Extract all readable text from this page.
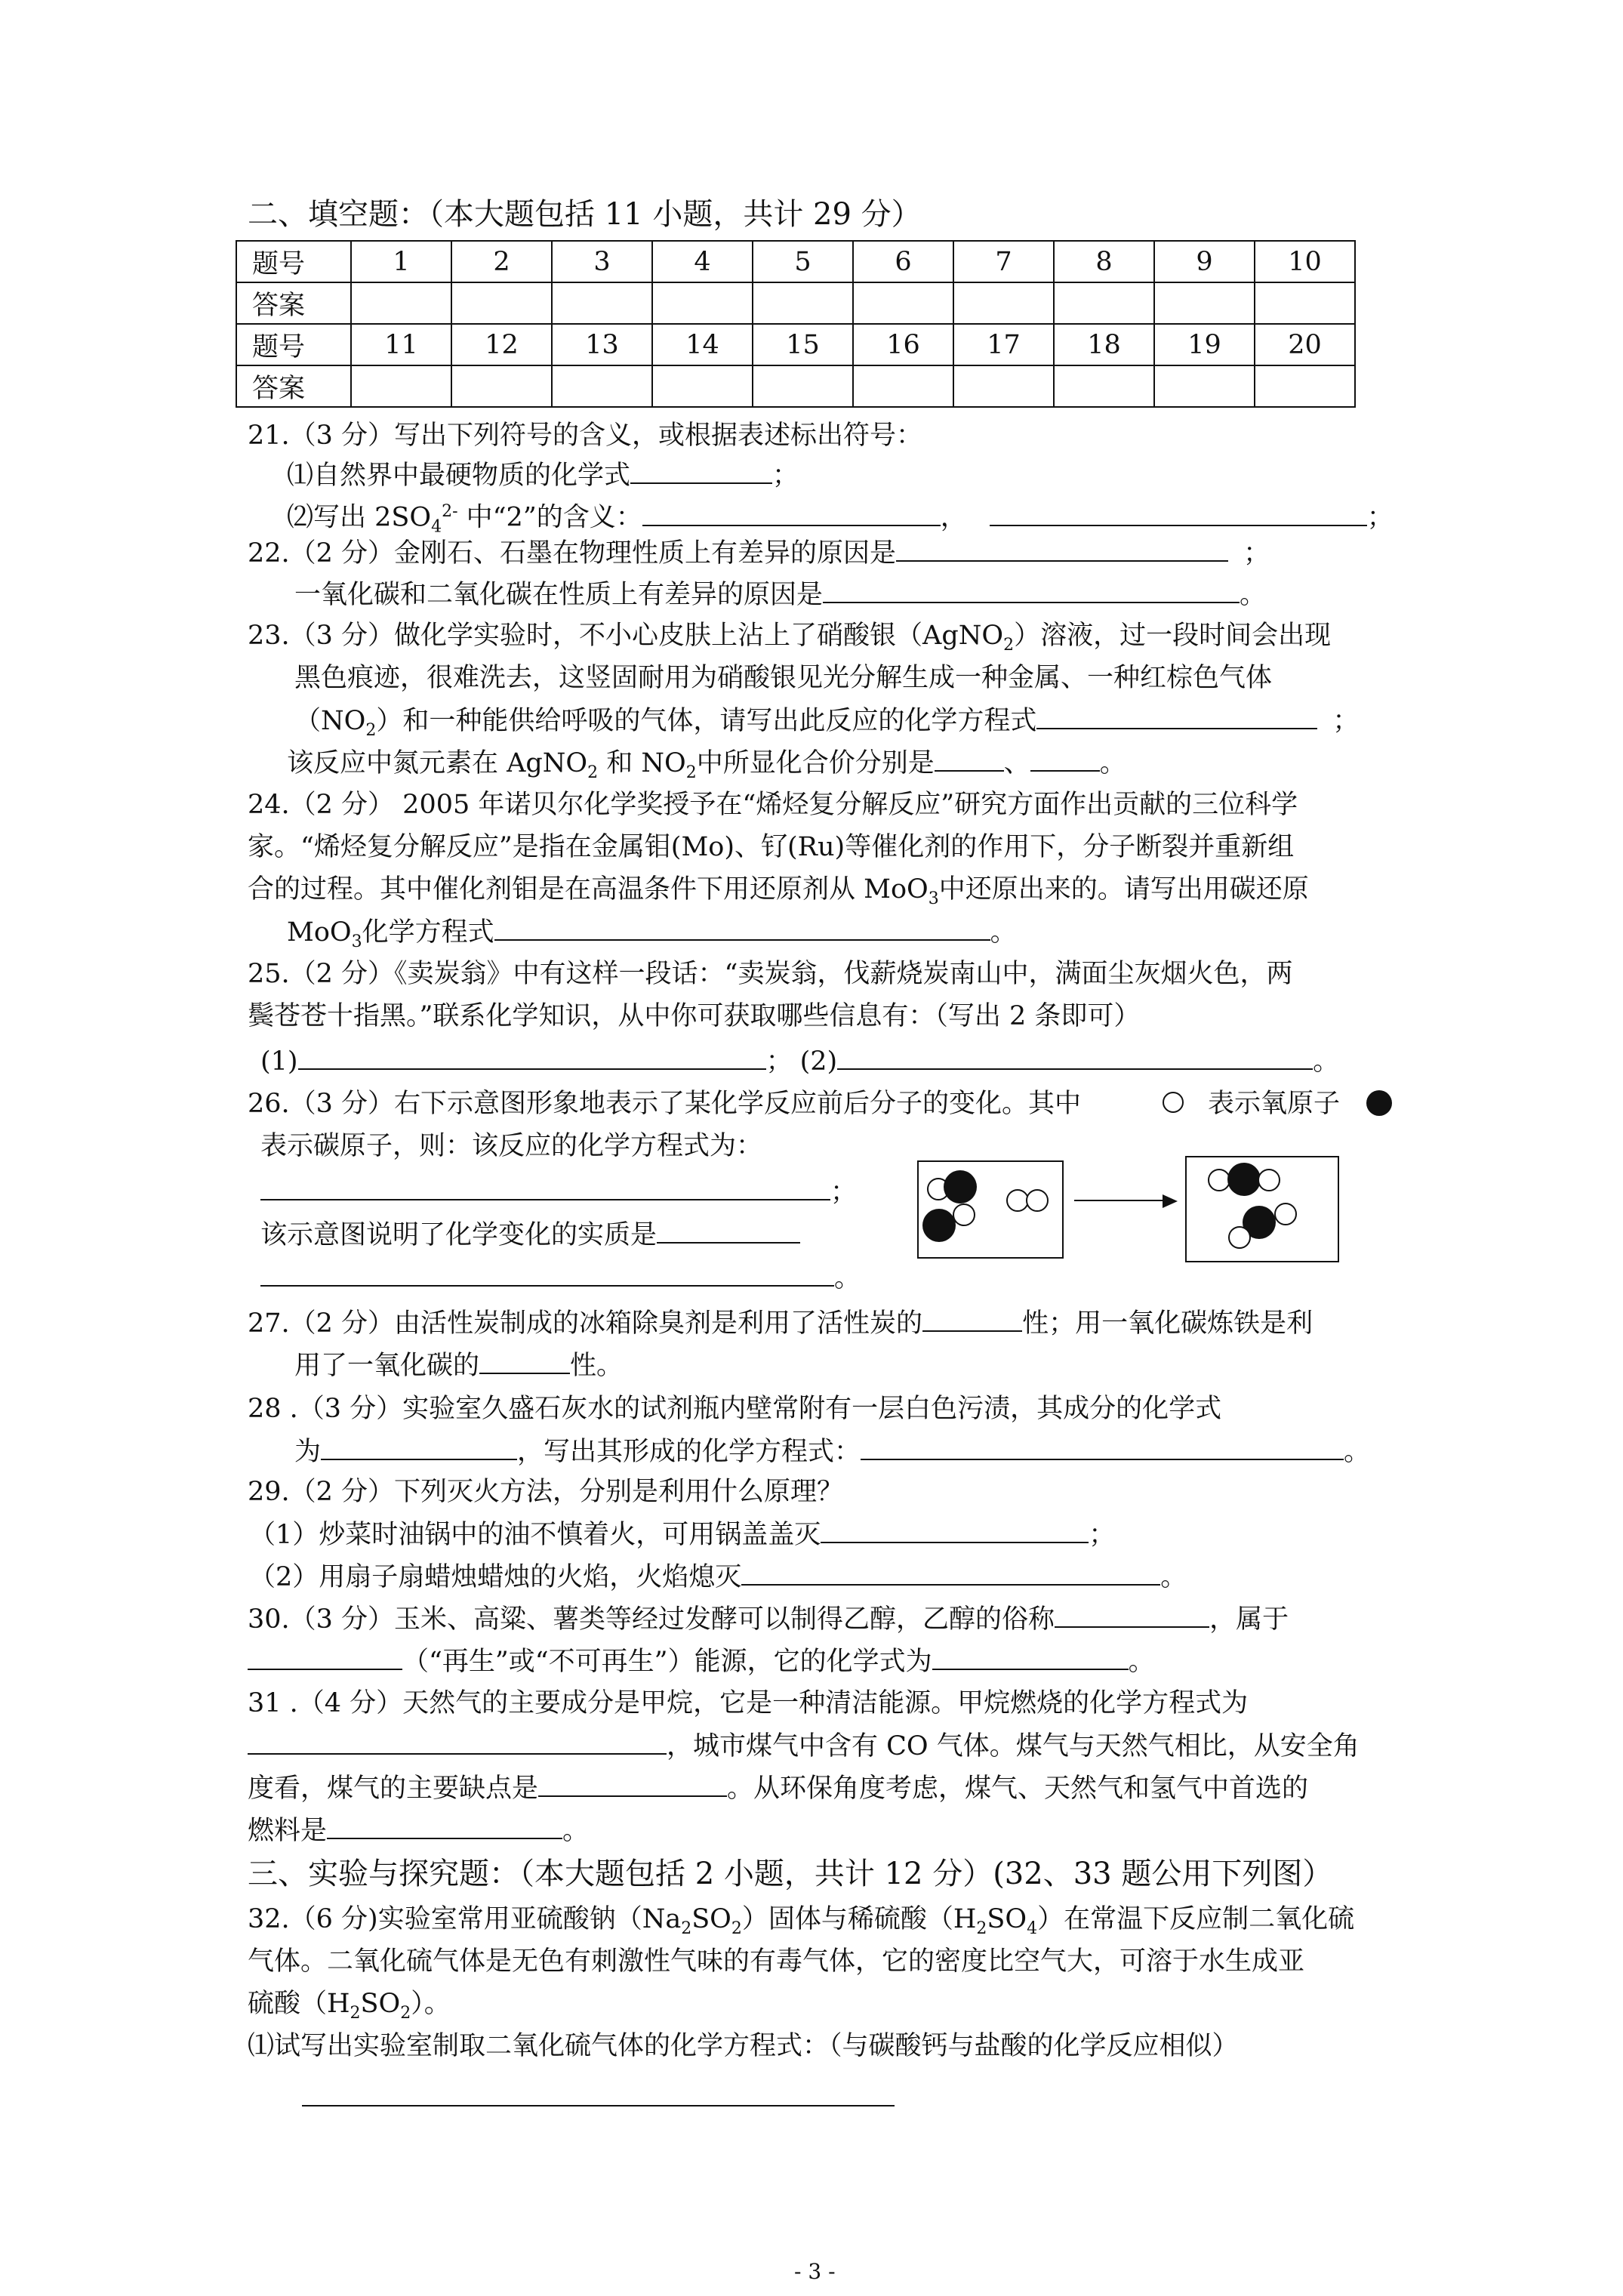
二、填空题：（本大题包括 11 小题，共计 29 分）
题号	1	2	3	4	5	6	7	8	9	10
答案										
题号	11	12	13	14	15	16	17	18	19	20
答案										
21.（3 分）写出下列符号的含义，或根据表述标出符号：
⑴自然界中最硬物质的化学式	；
⑵写出 $2SO_4^{2-}$ 中“2”的含义：	，	；
22.（2 分）金刚石、石墨在物理性质上有差异的原因是	；
一氧化碳和二氧化碳在性质上有差异的原因是	。
23.（3 分）做化学实验时，不小心皮肤上沾上了硝酸银（AgNO$_2$）溶液，过一段时间会出现
黑色痕迹，很难洗去，这竖固耐用为硝酸银见光分解生成一种金属、一种红棕色气体
$(NO_2)$和一种能供给呼吸的气体，请写出此反应的化学方程式	；
该反应中氮元素在 AgNO$_2$ 和 $NO_2$中所显化合价分别是	、	。
24.（2 分） 2005 年诺贝尔化学奖授予在“烯烃复分解反应”研究方面作出贡献的三位科学
家。“烯烃复分解反应”是指在金属钼(Mo)、钌(Ru)等催化剂的作用下，分子断裂并重新组
合的过程。其中催化剂钼是在高温条件下用还原剂从 MoO$_3$中还原出来的。请写出用碳还原
MoO$_3$化学方程式	。
25.（2 分）《卖炭翁》中有这样一段话：“卖炭翁，伐薪烧炭南山中，满面尘灰烟火色，两
鬓苍苍十指黑。”联系化学知识，从中你可获取哪些信息有：（写出 2 条即可）
(1)	； (2)	。
26.（3 分）右下示意图形象地表示了某化学反应前后分子的变化。其中	表示氧原子
表示碳原子，则：该反应的化学方程式为：
；
该示意图说明了化学变化的实质是
。
27.（2 分）由活性炭制成的冰箱除臭剂是利用了活性炭的	性；用一氧化碳炼铁是利
用了一氧化碳的	性。
28 .（3 分）实验室久盛石灰水的试剂瓶内壁常附有一层白色污渍，其成分的化学式
为	，写出其形成的化学方程式：	。
29.（2 分）下列灭火方法，分别是利用什么原理？
（1）炒菜时油锅中的油不慎着火，可用锅盖盖灭	；
（2）用扇子扇蜡烛蜡烛的火焰，火焰熄灭	。
30.（3 分）玉米、高粱、薯类等经过发酵可以制得乙醇，乙醇的俗称	，属于
（“再生”或“不可再生”）能源，它的化学式为	。
31 .（4 分）天然气的主要成分是甲烷，它是一种清洁能源。甲烷燃烧的化学方程式为
，城市煤气中含有 CO 气体。煤气与天然气相比，从安全角
度看，煤气的主要缺点是	。从环保角度考虑，煤气、天然气和氢气中首选的
燃料是	。
三、实验与探究题：（本大题包括 2 小题，共计 12 分）(32、33 题公用下列图）
32.（6 分)实验室常用亚硫酸钠$(Na_2SO_2)$固体与稀硫酸$(H_2SO_4)$在常温下反应制二氧化硫
气体。二氧化硫气体是无色有刺激性气味的有毒气体，它的密度比空气大，可溶于水生成亚
硫酸$(H_2SO_2)$。
⑴试写出实验室制取二氧化硫气体的化学方程式：（与碳酸钙与盐酸的化学反应相似）
- 3 -
